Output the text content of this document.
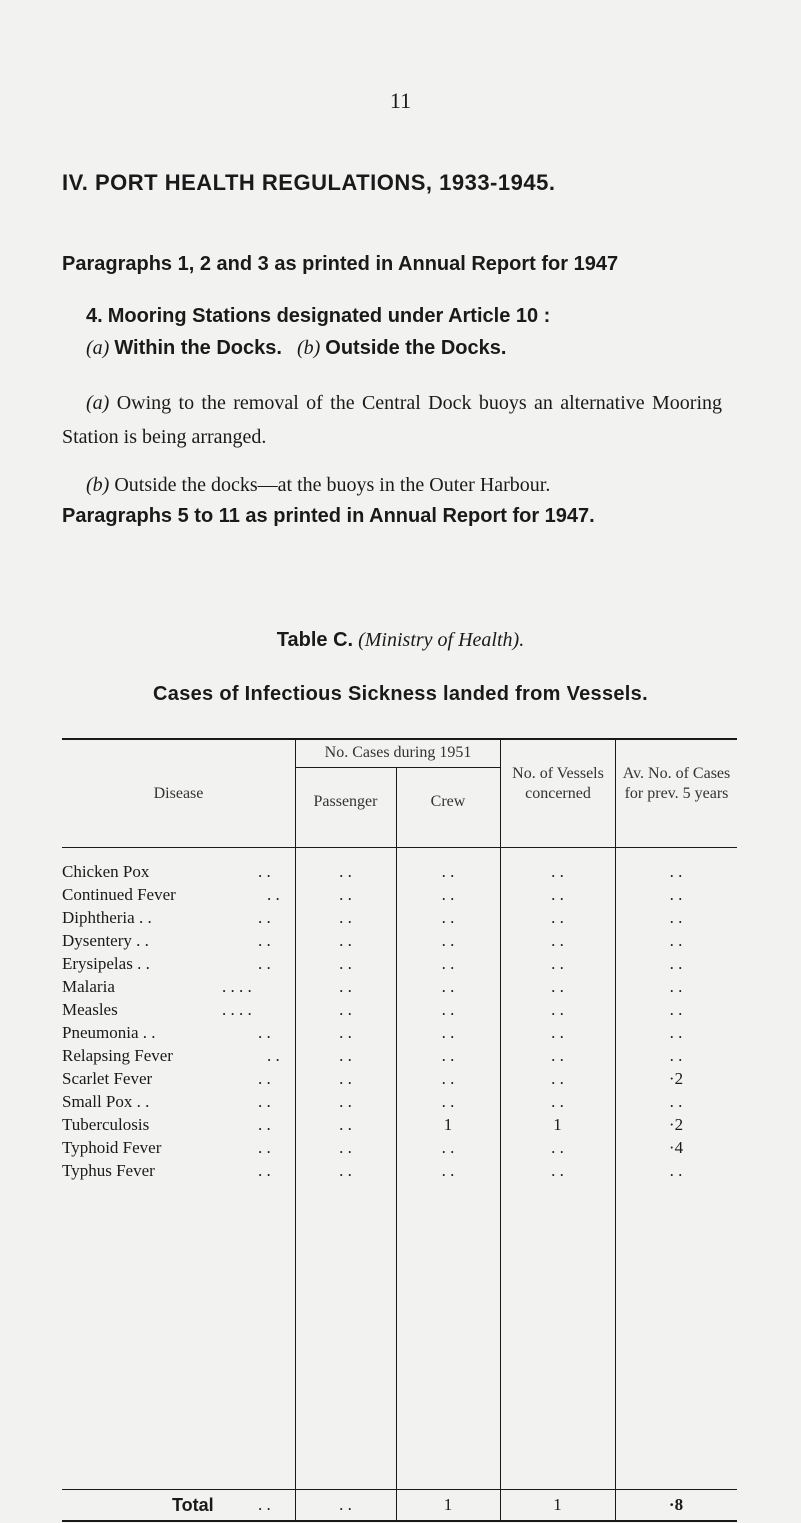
11
IV. PORT HEALTH REGULATIONS, 1933-1945.
Paragraphs 1, 2 and 3 as printed in Annual Report for 1947
4. Mooring Stations designated under Article 10 :
(a) Within the Docks. (b) Outside the Docks.
(a) Owing to the removal of the Central Dock buoys an alternative Mooring Station is being arranged.
(b) Outside the docks—at the buoys in the Outer Harbour.
Paragraphs 5 to 11 as printed in Annual Report for 1947.
Table C. (Ministry of Health).
Cases of Infectious Sickness landed from Vessels.
Disease
No. Cases during 1951
Passenger	Crew
No. of Vessels concerned
Av. No. of Cases for prev. 5 years
Chicken Pox	. .	. .	. .	. .	. .
Continued Fever	. .	. .	. .	. .	. .
Diphtheria . .	. .	. .	. .	. .	. .
Dysentery . .	. .	. .	. .	. .	. .
Erysipelas . .	. .	. .	. .	. .	. .
Malaria	. . . .	. .	. .	. .	. .
Measles	. . . .	. .	. .	. .	. .
Pneumonia . .	. .	. .	. .	. .	. .
Relapsing Fever	. .	. .	. .	. .	. .
Scarlet Fever	. .	. .	. .	. .	·2
Small Pox . .	. .	. .	. .	. .	. .
Tuberculosis	. .	. .	1	1	·2
Typhoid Fever	. .	. .	. .	. .	·4
Typhus Fever	. .	. .	. .	. .	. .
Total	. .	. .	1	1	·8
